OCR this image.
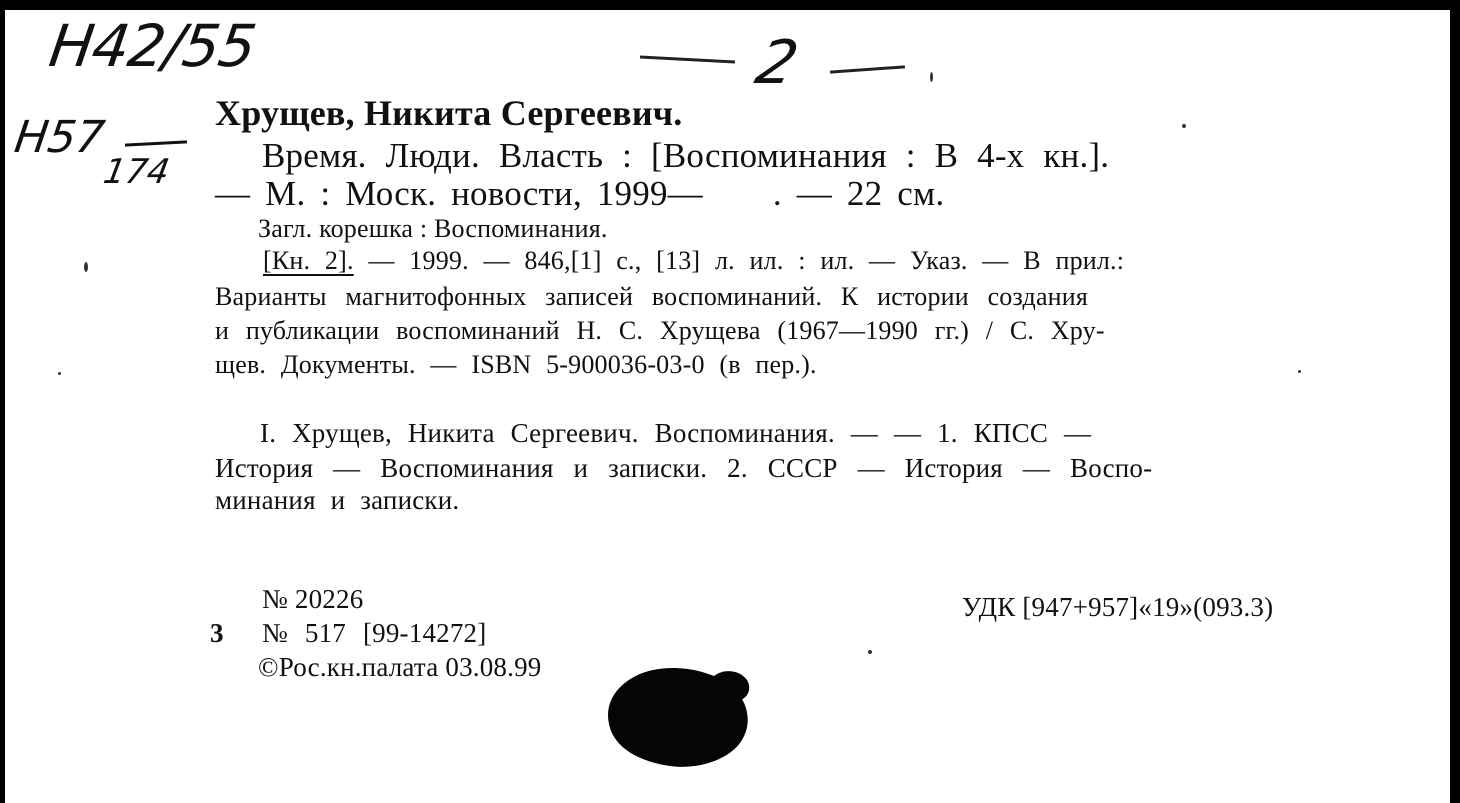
Н42/55
Н57
174
2
Хрущев, Никита Сергеевич.
Время. Люди. Власть : [Воспоминания : В 4-х кн.].
— М. : Моск. новости, 1999— . — 22 см.
Загл. корешка : Воспоминания.
[Кн. 2]. — 1999. — 846,[1] с., [13] л. ил. : ил. — Указ. — В прил.:
Варианты магнитофонных записей воспоминаний. К истории создания
и публикации воспоминаний Н. С. Хрущева (1967—1990 гг.) / С. Хру-
щев. Документы. — ISBN 5-900036-03-0 (в пер.).
I. Хрущев, Никита Сергеевич. Воспоминания. — — 1. КПСС —
История — Воспоминания и записки. 2. СССР — История — Воспо-
минания и записки.
№ 20226
3 № 517 [99-14272]
©Рос.кн.палата 03.08.99
УДК [947+957]«19»(093.3)
